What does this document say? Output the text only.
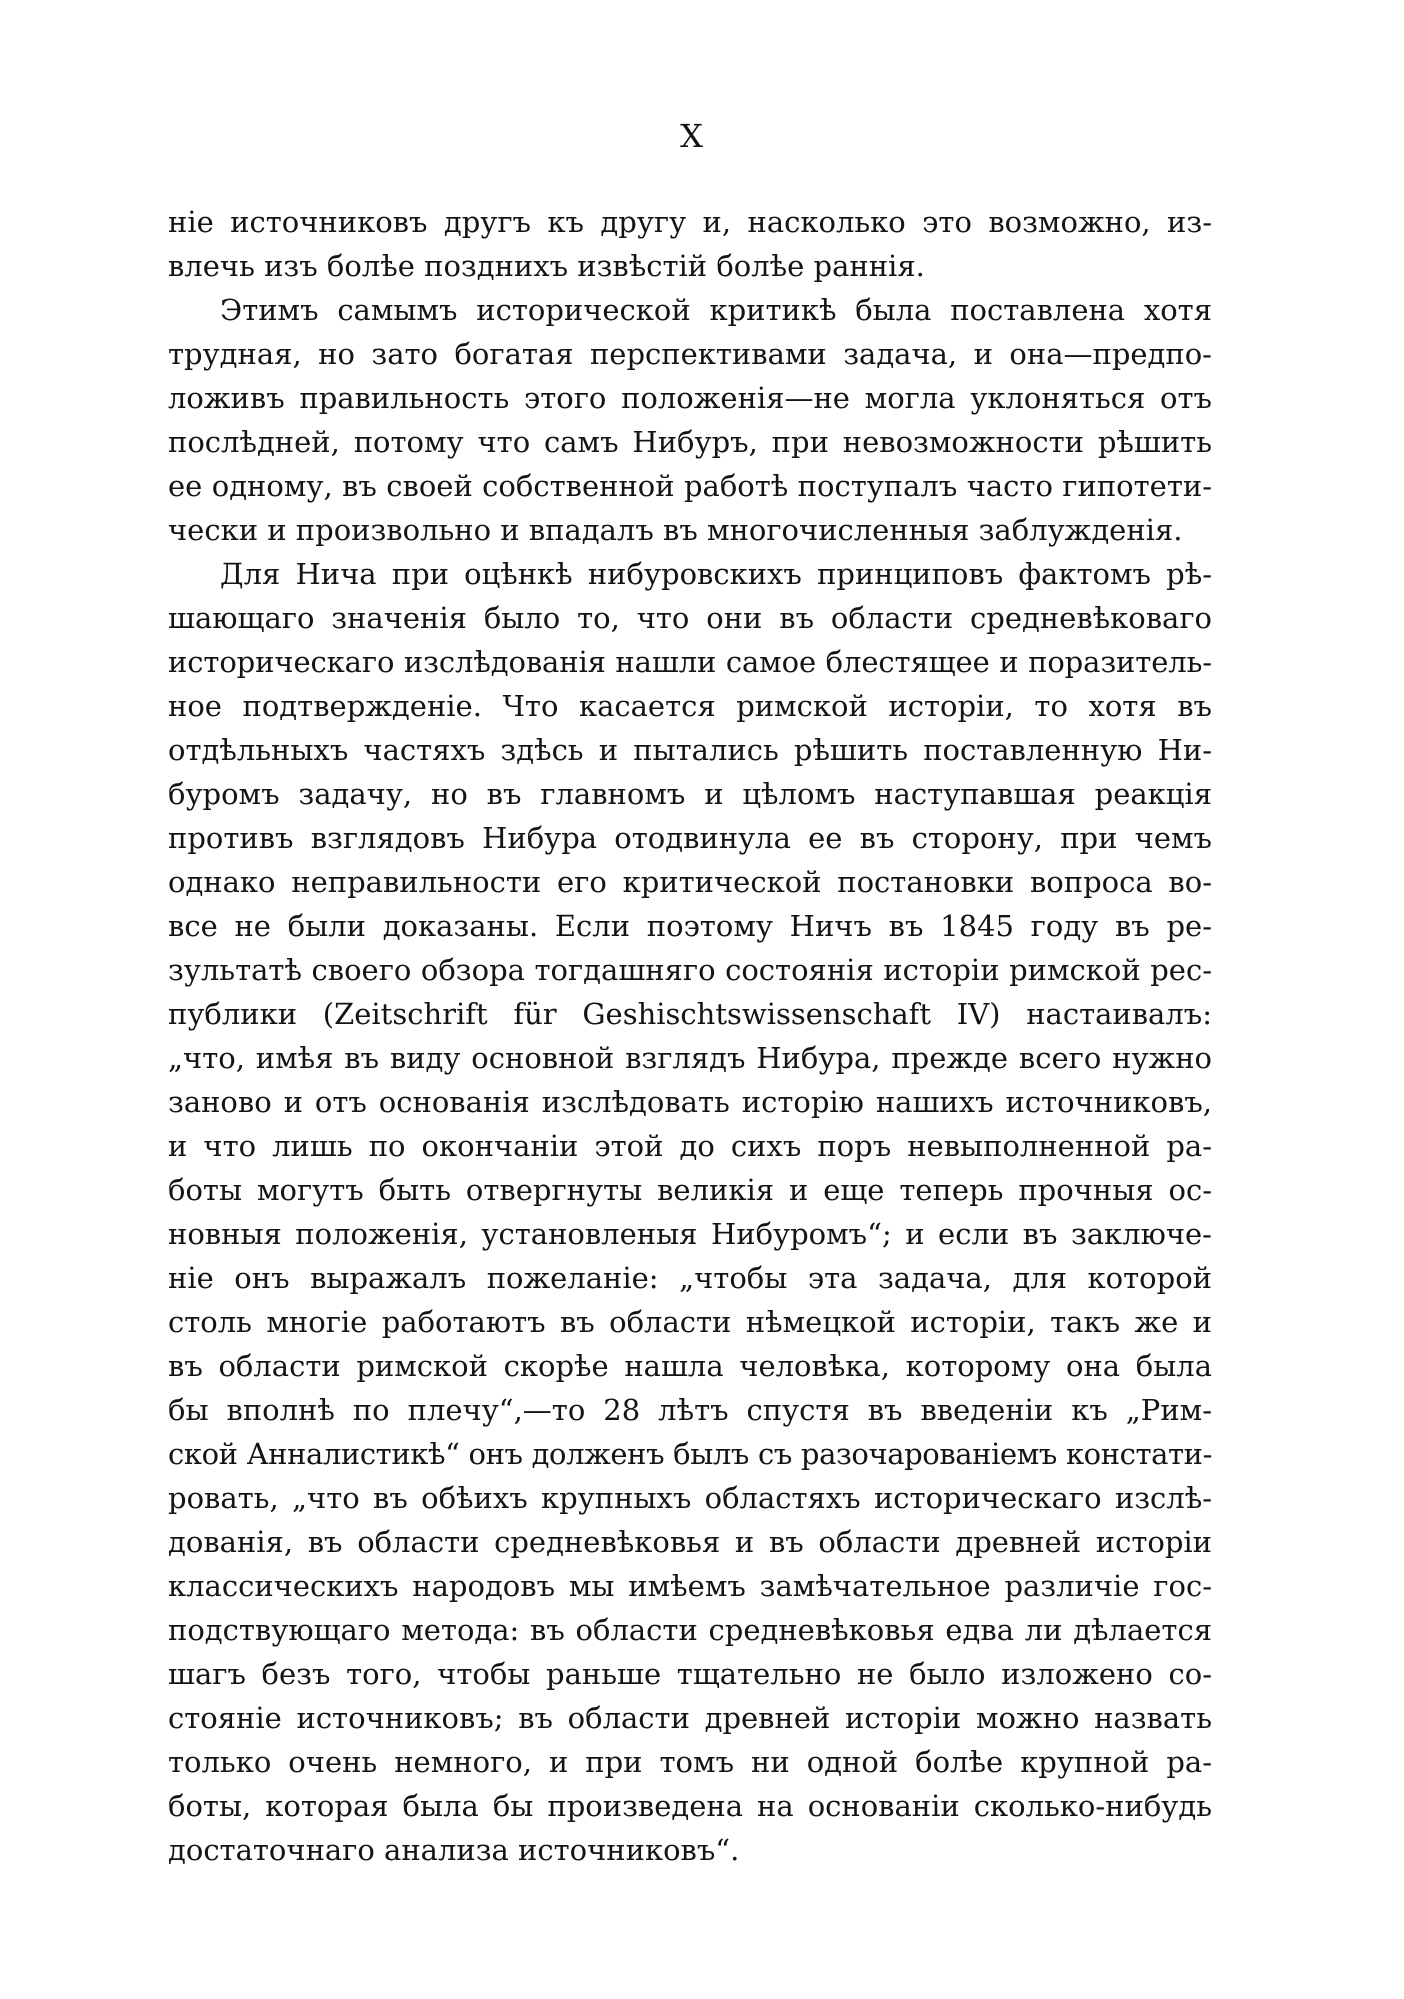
X
ніе источниковъ другъ къ другу и, насколько это возможно, из-
влечь изъ болѣе позднихъ извѣстій болѣе раннія.
Этимъ самымъ исторической критикѣ была поставлена хотя
трудная, но зато богатая перспективами задача, и она—предпо-
ложивъ правильность этого положенія—не могла уклоняться отъ
послѣдней, потому что самъ Нибуръ, при невозможности рѣшить
ее одному, въ своей собственной работѣ поступалъ часто гипотети-
чески и произвольно и впадалъ въ многочисленныя заблужденія.
Для Нича при оцѣнкѣ нибуровскихъ принциповъ фактомъ рѣ-
шающаго значенія было то, что они въ области средневѣковаго
историческаго изслѣдованія нашли самое блестящее и поразитель-
ное подтвержденіе. Что касается римской исторіи, то хотя въ
отдѣльныхъ частяхъ здѣсь и пытались рѣшить поставленную Ни-
буромъ задачу, но въ главномъ и цѣломъ наступавшая реакція
противъ взглядовъ Нибура отодвинула ее въ сторону, при чемъ
однако неправильности его критической постановки вопроса во-
все не были доказаны. Если поэтому Ничъ въ 1845 году въ ре-
зультатѣ своего обзора тогдашняго состоянія исторіи римской рес-
публики (Zeitschrift für Geshischtswissenschaft IV) настаивалъ:
„что, имѣя въ виду основной взглядъ Нибура, прежде всего нужно
заново и отъ основанія изслѣдовать исторію нашихъ источниковъ,
и что лишь по окончаніи этой до сихъ поръ невыполненной ра-
боты могутъ быть отвергнуты великія и еще теперь прочныя ос-
новныя положенія, установленыя Нибуромъ“; и если въ заключе-
ніе онъ выражалъ пожеланіе: „чтобы эта задача, для которой
столь многіе работаютъ въ области нѣмецкой исторіи, такъ же и
въ области римской скорѣе нашла человѣка, которому она была
бы вполнѣ по плечу“,—то 28 лѣтъ спустя въ введеніи къ „Рим-
ской Анналистикѣ“ онъ долженъ былъ съ разочарованіемъ констати-
ровать, „что въ обѣихъ крупныхъ областяхъ историческаго изслѣ-
дованія, въ области средневѣковья и въ области древней исторіи
классическихъ народовъ мы имѣемъ замѣчательное различіе гос-
подствующаго метода: въ области средневѣковья едва ли дѣлается
шагъ безъ того, чтобы раньше тщательно не было изложено со-
стояніе источниковъ; въ области древней исторіи можно назвать
только очень немного, и при томъ ни одной болѣе крупной ра-
боты, которая была бы произведена на основаніи сколько-нибудь
достаточнаго анализа источниковъ“.
